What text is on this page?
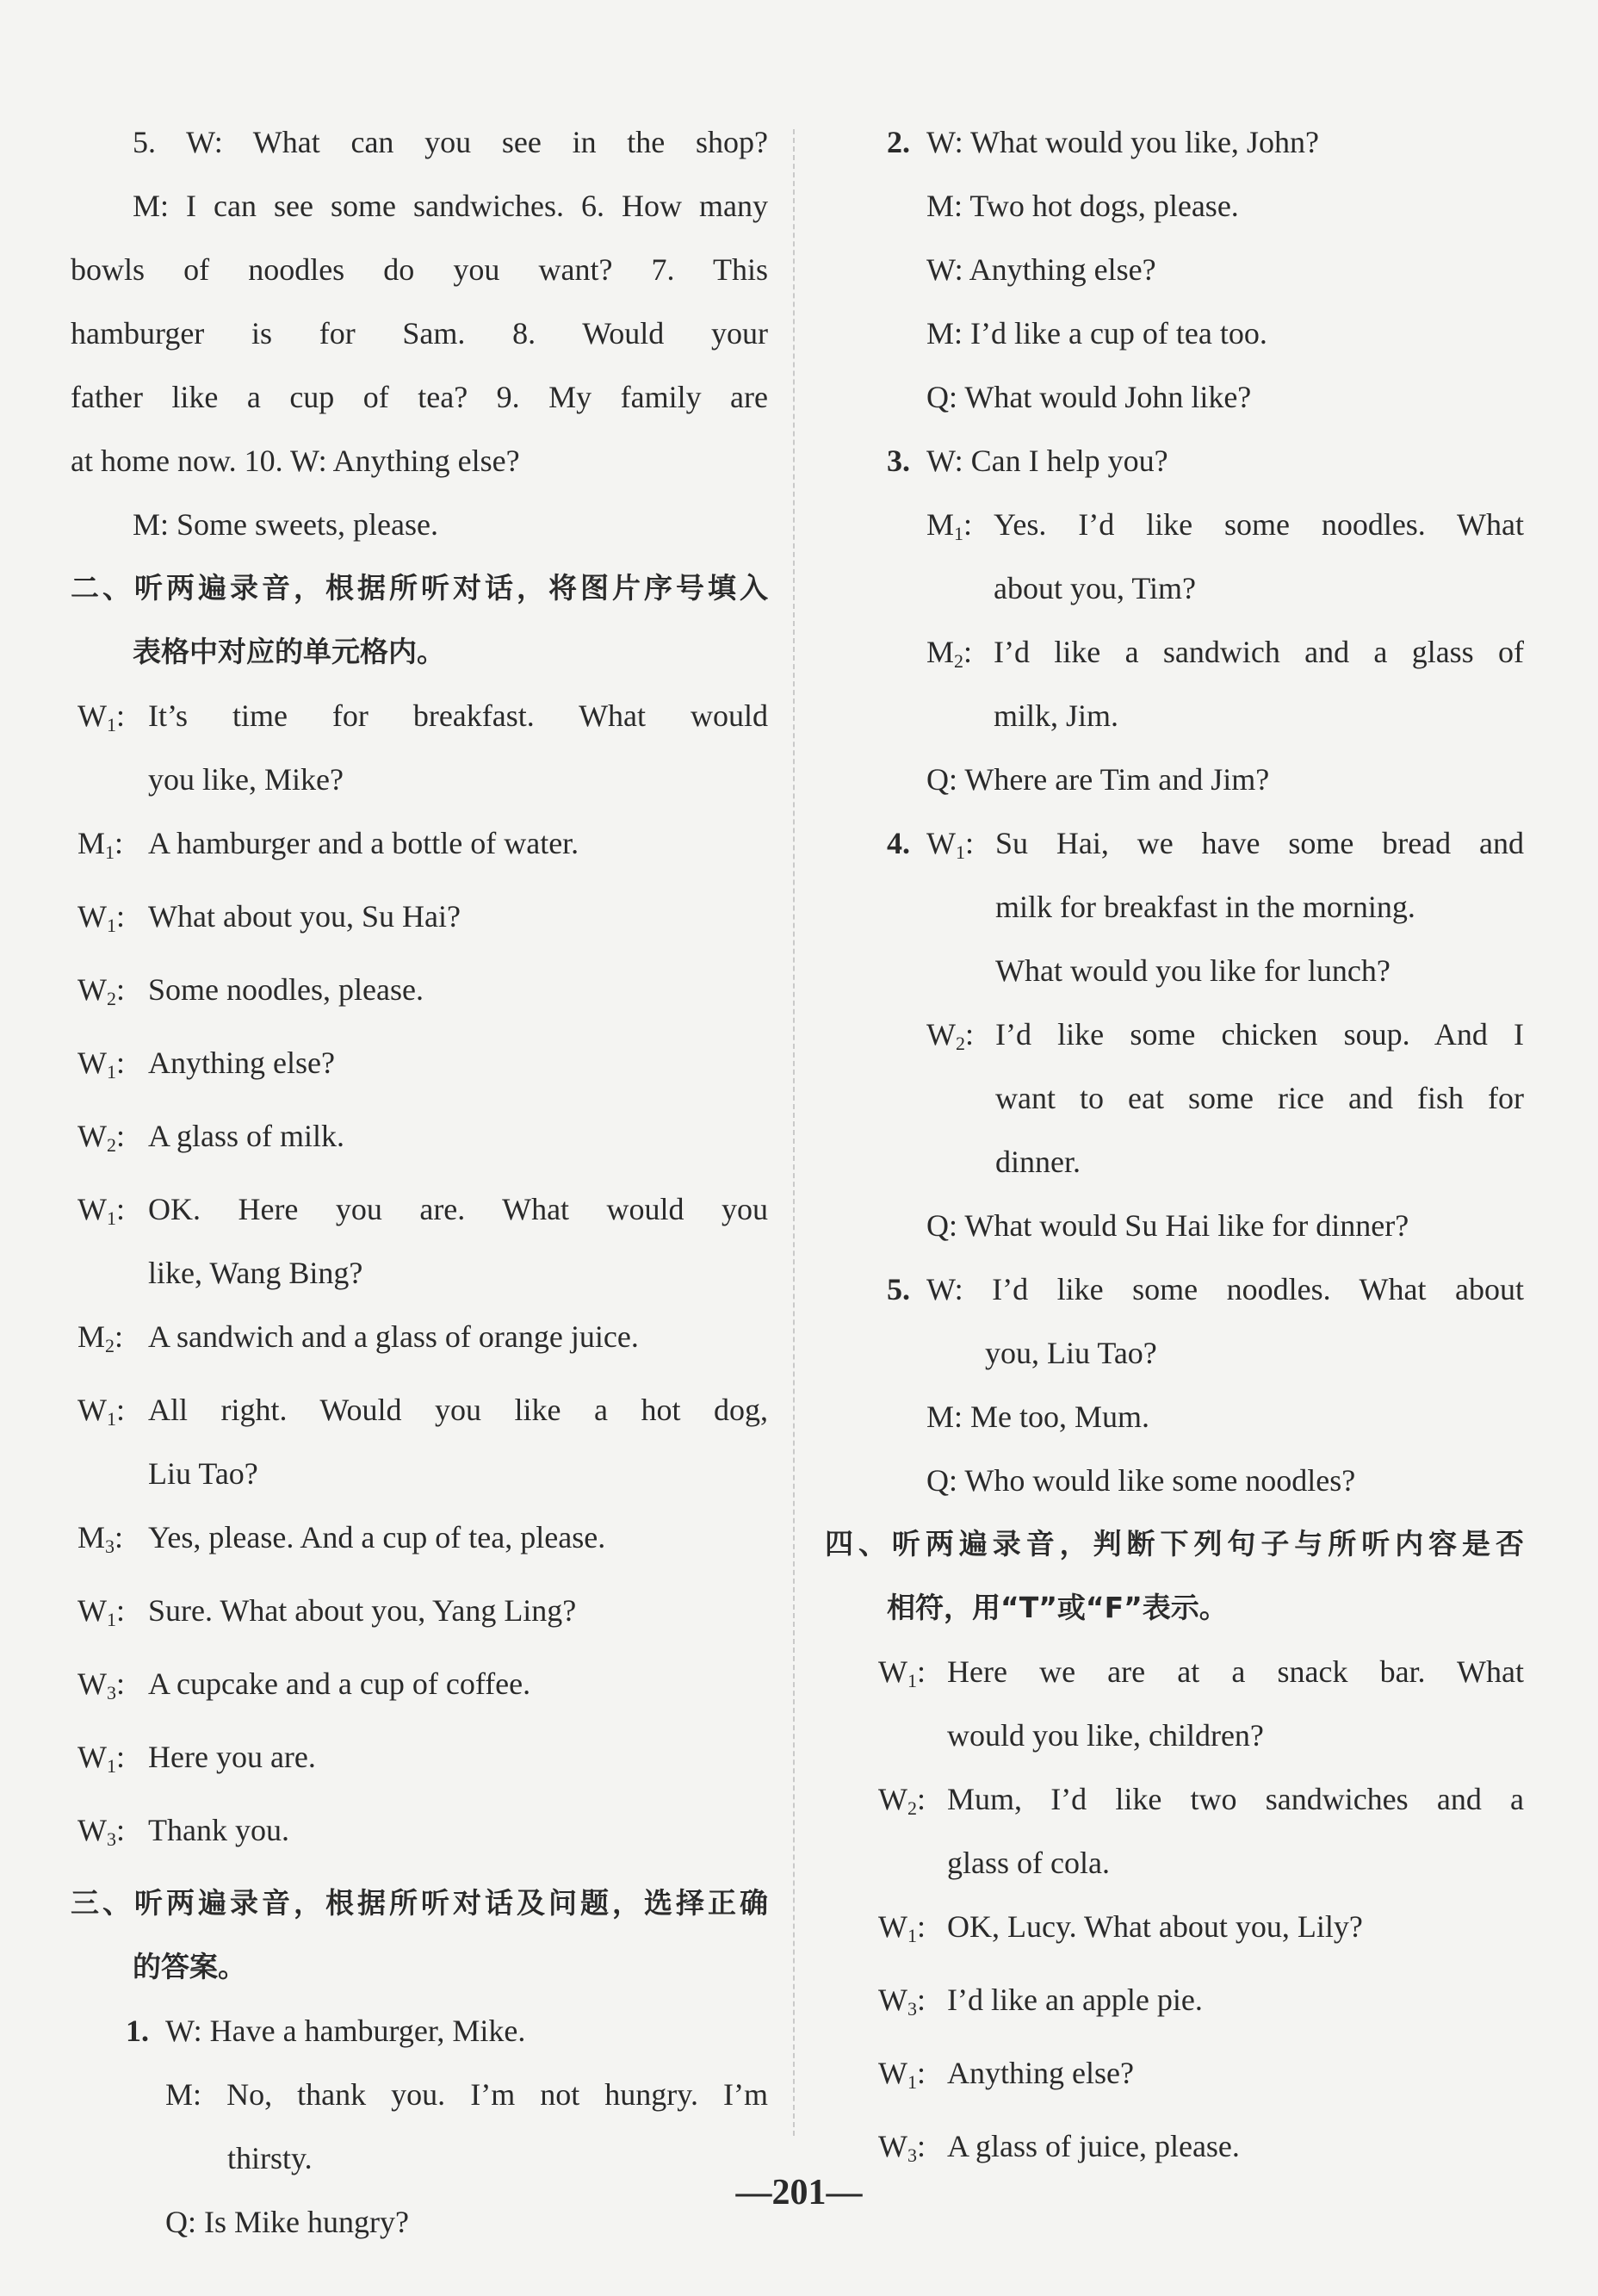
5. W: What can you see in the shop?
M: I can see some sandwiches. 6. How many
bowls of noodles do you want? 7. This
hamburger is for Sam. 8. Would your
father like a cup of tea? 9. My family are
at home now. 10. W: Anything else?
M: Some sweets, please.
二、听两遍录音，根据所听对话，将图片序号填入
表格中对应的单元格内。
$W_1$: It’s time for breakfast. What would
you like, Mike?
$M_1$: A hamburger and a bottle of water.
$W_1$: What about you, Su Hai?
$W_2$: Some noodles, please.
$W_1$: Anything else?
$W_2$: A glass of milk.
$W_1$: OK. Here you are. What would you
like, Wang Bing?
$M_2$: A sandwich and a glass of orange juice.
$W_1$: All right. Would you like a hot dog,
Liu Tao?
$M_3$: Yes, please. And a cup of tea, please.
$W_1$: Sure. What about you, Yang Ling?
$W_3$: A cupcake and a cup of coffee.
$W_1$: Here you are.
$W_3$: Thank you.
三、听两遍录音，根据所听对话及问题，选择正确
的答案。
1. W: Have a hamburger, Mike.
M: No, thank you. I’m not hungry. I’m
thirsty.
Q: Is Mike hungry?
2. W: What would you like, John?
M: Two hot dogs, please.
W: Anything else?
M: I’d like a cup of tea too.
Q: What would John like?
3. W: Can I help you?
$M_1$: Yes. I’d like some noodles. What
about you, Tim?
$M_2$: I’d like a sandwich and a glass of
milk, Jim.
Q: Where are Tim and Jim?
4. $W_1$: Su Hai, we have some bread and
milk for breakfast in the morning.
What would you like for lunch?
$W_2$: I’d like some chicken soup. And I
want to eat some rice and fish for
dinner.
Q: What would Su Hai like for dinner?
5. W: I’d like some noodles. What about
you, Liu Tao?
M: Me too, Mum.
Q: Who would like some noodles?
四、听两遍录音，判断下列句子与所听内容是否
相符，用“T”或“F”表示。
$W_1$: Here we are at a snack bar. What
would you like, children?
$W_2$: Mum, I’d like two sandwiches and a
glass of cola.
$W_1$: OK, Lucy. What about you, Lily?
$W_3$: I’d like an apple pie.
$W_1$: Anything else?
$W_3$: A glass of juice, please.
—201—
